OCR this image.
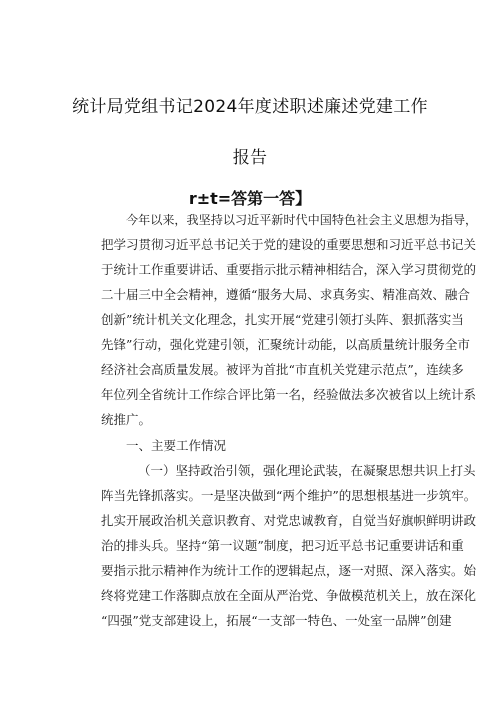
统计局党组书记2024年度述职述廉述党建工作
报告
r±t=答第一答】
今年以来，我坚持以习近平新时代中国特色社会主义思想为指导，
把学习贯彻习近平总书记关于党的建设的重要思想和习近平总书记关
于统计工作重要讲话、重要指示批示精神相结合，深入学习贯彻党的
二十届三中全会精神，遵循“服务大局、求真务实、精准高效、融合
创新”统计机关文化理念，扎实开展“党建引领打头阵、狠抓落实当
先锋”行动，强化党建引领，汇聚统计动能，以高质量统计服务全市
经济社会高质量发展。被评为首批“市直机关党建示范点”，连续多
年位列全省统计工作综合评比第一名，经验做法多次被省以上统计系
统推广。
一、主要工作情况
（一）坚持政治引领，强化理论武装，在凝聚思想共识上打头
阵当先锋抓落实。一是坚决做到“两个维护”的思想根基进一步筑牢。
扎实开展政治机关意识教育、对党忠诚教育，自觉当好旗帜鲜明讲政
治的排头兵。坚持“第一议题”制度，把习近平总书记重要讲话和重
要指示批示精神作为统计工作的逻辑起点，逐一对照、深入落实。始
终将党建工作落脚点放在全面从严治党、争做模范机关上，放在深化
“四强”党支部建设上，拓展“一支部一特色、一处室一品牌”创建
